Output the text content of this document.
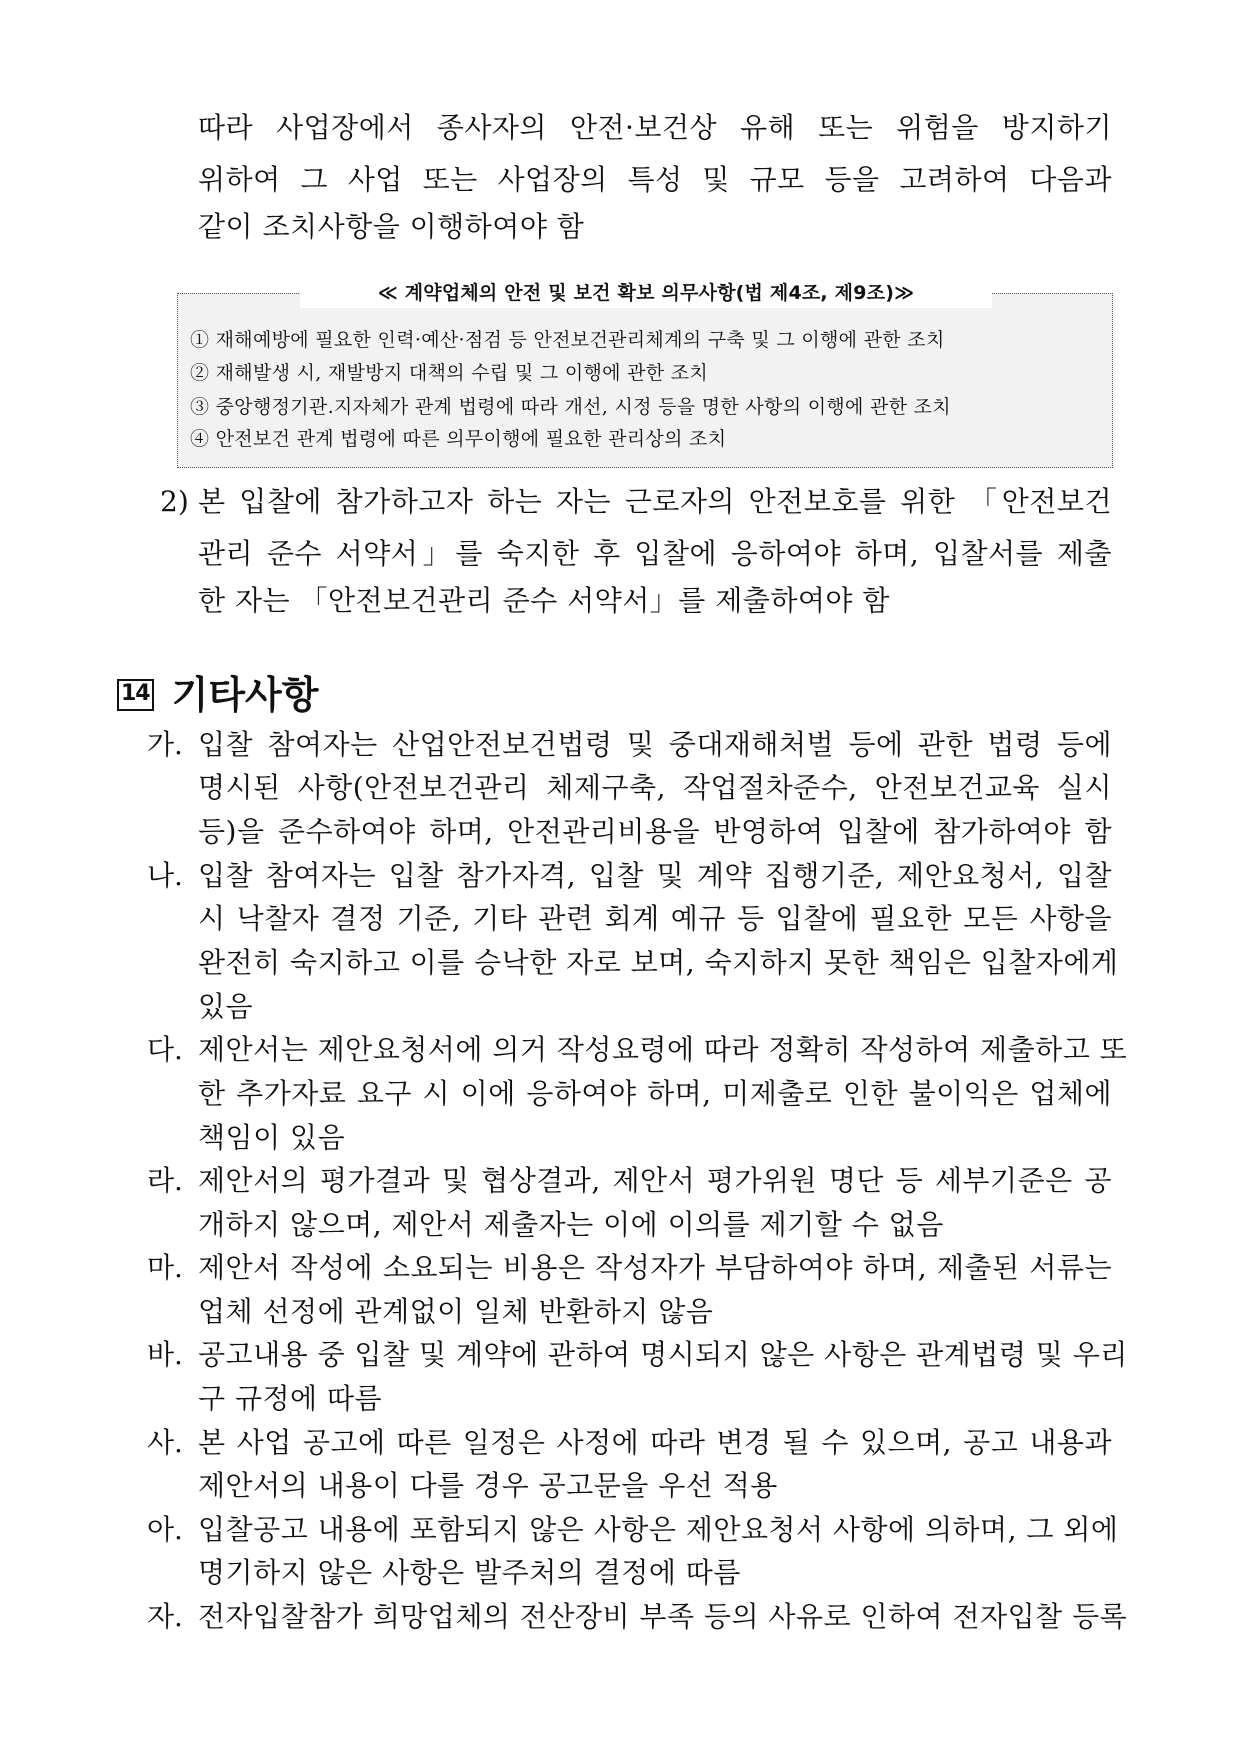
따라 사업장에서 종사자의 안전·보건상 유해 또는 위험을 방지하기
위하여 그 사업 또는 사업장의 특성 및 규모 등을 고려하여 다음과
같이 조치사항을 이행하여야 함
≪ 계약업체의 안전 및 보건 확보 의무사항(법 제4조, 제9조)≫
① 재해예방에 필요한 인력·예산·점검 등 안전보건관리체계의 구축 및 그 이행에 관한 조치
② 재해발생 시, 재발방지 대책의 수립 및 그 이행에 관한 조치
③ 중앙행정기관.지자체가 관계 법령에 따라 개선, 시정 등을 명한 사항의 이행에 관한 조치
④ 안전보건 관계 법령에 따른 의무이행에 필요한 관리상의 조치
2) 본 입찰에 참가하고자 하는 자는 근로자의 안전보호를 위한 「안전보건
관리 준수 서약서」를 숙지한 후 입찰에 응하여야 하며, 입찰서를 제출
한 자는 「안전보건관리 준수 서약서」를 제출하여야 함
14 기타사항
가. 입찰 참여자는 산업안전보건법령 및 중대재해처벌 등에 관한 법령 등에
명시된 사항(안전보건관리 체제구축, 작업절차준수, 안전보건교육 실시
등)을 준수하여야 하며, 안전관리비용을 반영하여 입찰에 참가하여야 함
나. 입찰 참여자는 입찰 참가자격, 입찰 및 계약 집행기준, 제안요청서, 입찰
시 낙찰자 결정 기준, 기타 관련 회계 예규 등 입찰에 필요한 모든 사항을
완전히 숙지하고 이를 승낙한 자로 보며, 숙지하지 못한 책임은 입찰자에게
있음
다. 제안서는 제안요청서에 의거 작성요령에 따라 정확히 작성하여 제출하고 또
한 추가자료 요구 시 이에 응하여야 하며, 미제출로 인한 불이익은 업체에
책임이 있음
라. 제안서의 평가결과 및 협상결과, 제안서 평가위원 명단 등 세부기준은 공
개하지 않으며, 제안서 제출자는 이에 이의를 제기할 수 없음
마. 제안서 작성에 소요되는 비용은 작성자가 부담하여야 하며, 제출된 서류는
업체 선정에 관계없이 일체 반환하지 않음
바. 공고내용 중 입찰 및 계약에 관하여 명시되지 않은 사항은 관계법령 및 우리
구 규정에 따름
사. 본 사업 공고에 따른 일정은 사정에 따라 변경 될 수 있으며, 공고 내용과
제안서의 내용이 다를 경우 공고문을 우선 적용
아. 입찰공고 내용에 포함되지 않은 사항은 제안요청서 사항에 의하며, 그 외에
명기하지 않은 사항은 발주처의 결정에 따름
자. 전자입찰참가 희망업체의 전산장비 부족 등의 사유로 인하여 전자입찰 등록
